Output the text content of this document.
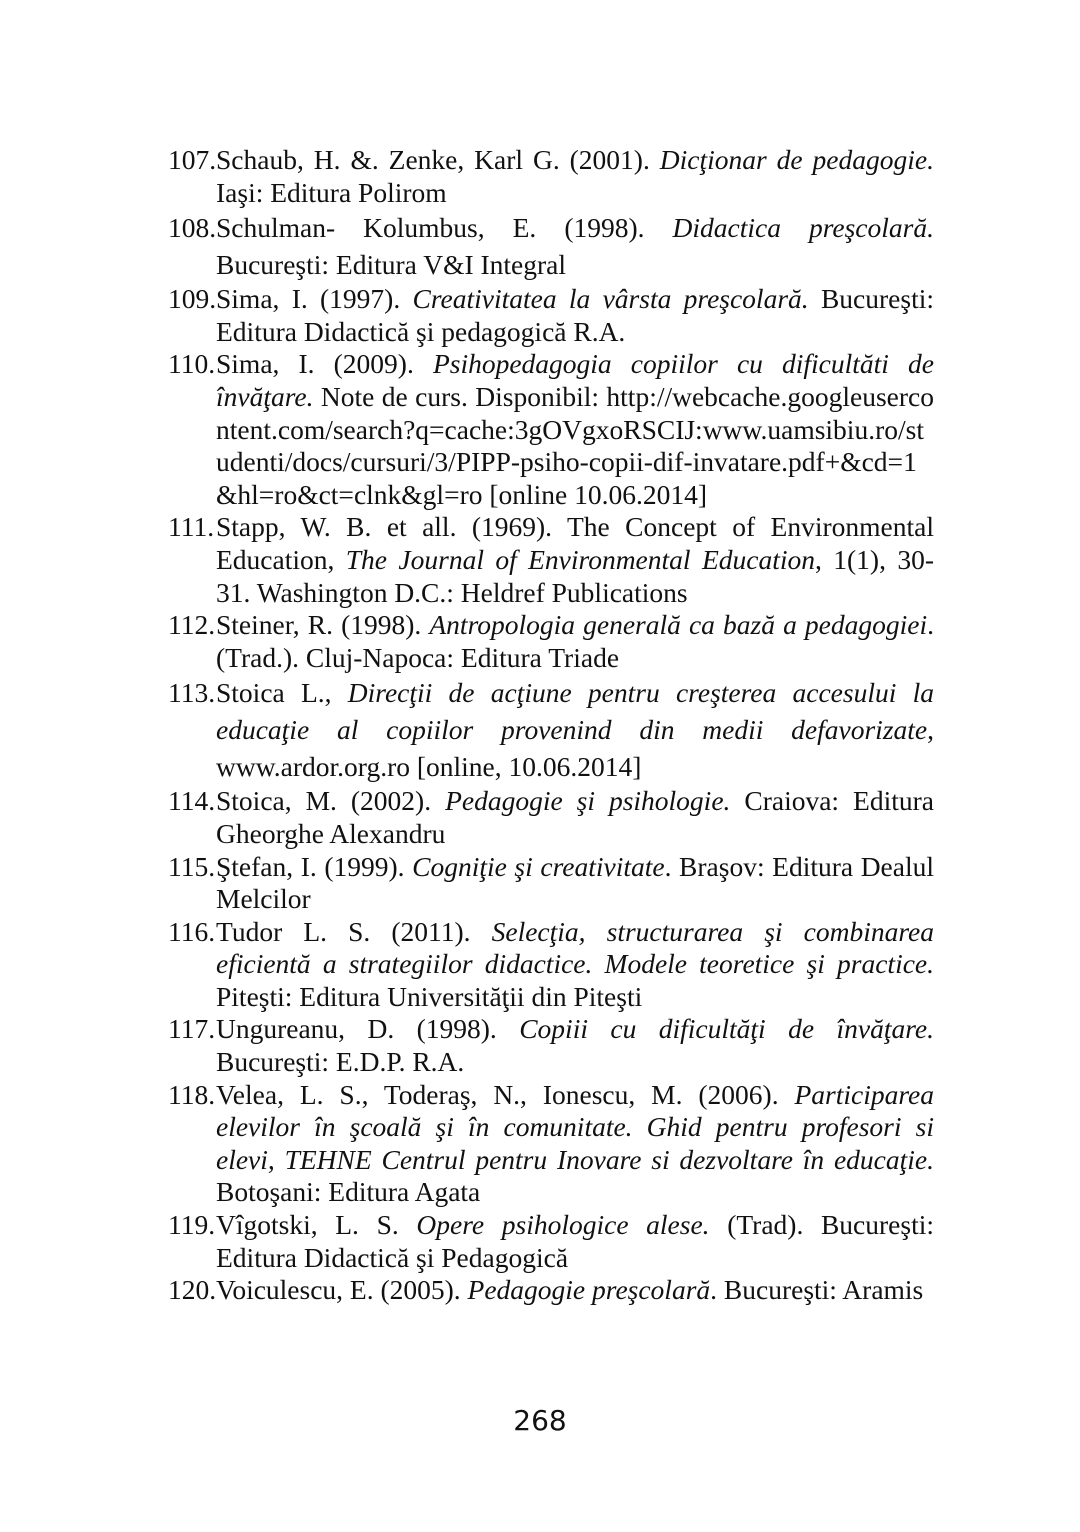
107.Schaub, H. &. Zenke, Karl G. (2001). Dicţionar de pedagogie. Iaşi: Editura Polirom
108.Schulman- Kolumbus, E. (1998). Didactica preşcolară. Bucureşti: Editura V&I Integral
109.Sima, I. (1997). Creativitatea la vârsta preşcolară. Bucureşti: Editura Didactică şi pedagogică R.A.
110.Sima, I. (2009). Psihopedagogia copiilor cu dificultăti de învăţare. Note de curs. Disponibil: http://webcache.googleusercontent.com/search?q=cache:3gOVgxoRSCIJ:www.uamsibiu.ro/studenti/docs/cursuri/3/PIPP-psiho-copii-dif-invatare.pdf+&cd=1&hl=ro&ct=clnk&gl=ro [online 10.06.2014]
111.Stapp, W. B. et all. (1969). The Concept of Environmental Education, The Journal of Environmental Education, 1(1), 30-31. Washington D.C.: Heldref Publications
112.Steiner, R. (1998). Antropologia generală ca bază a pedagogiei. (Trad.). Cluj-Napoca: Editura Triade
113.Stoica L., Direcţii de acţiune pentru creşterea accesului la educaţie al copiilor provenind din medii defavorizate, www.ardor.org.ro [online, 10.06.2014]
114.Stoica, M. (2002). Pedagogie şi psihologie. Craiova: Editura Gheorghe Alexandru
115.Ştefan, I. (1999). Cogniţie şi creativitate. Braşov: Editura Dealul Melcilor
116.Tudor L. S. (2011). Selecţia, structurarea şi combinarea eficientă a strategiilor didactice. Modele teoretice şi practice. Piteşti: Editura Universităţii din Piteşti
117.Ungureanu, D. (1998). Copiii cu dificultăţi de învăţare. Bucureşti: E.D.P. R.A.
118.Velea, L. S., Toderaş, N., Ionescu, M. (2006). Participarea elevilor în şcoală şi în comunitate. Ghid pentru profesori si elevi, TEHNE Centrul pentru Inovare si dezvoltare în educaţie. Botoşani: Editura Agata
119.Vîgotski, L. S. Opere psihologice alese. (Trad). Bucureşti: Editura Didactică şi Pedagogică
120.Voiculescu, E. (2005). Pedagogie preşcolară. Bucureşti: Aramis
268
